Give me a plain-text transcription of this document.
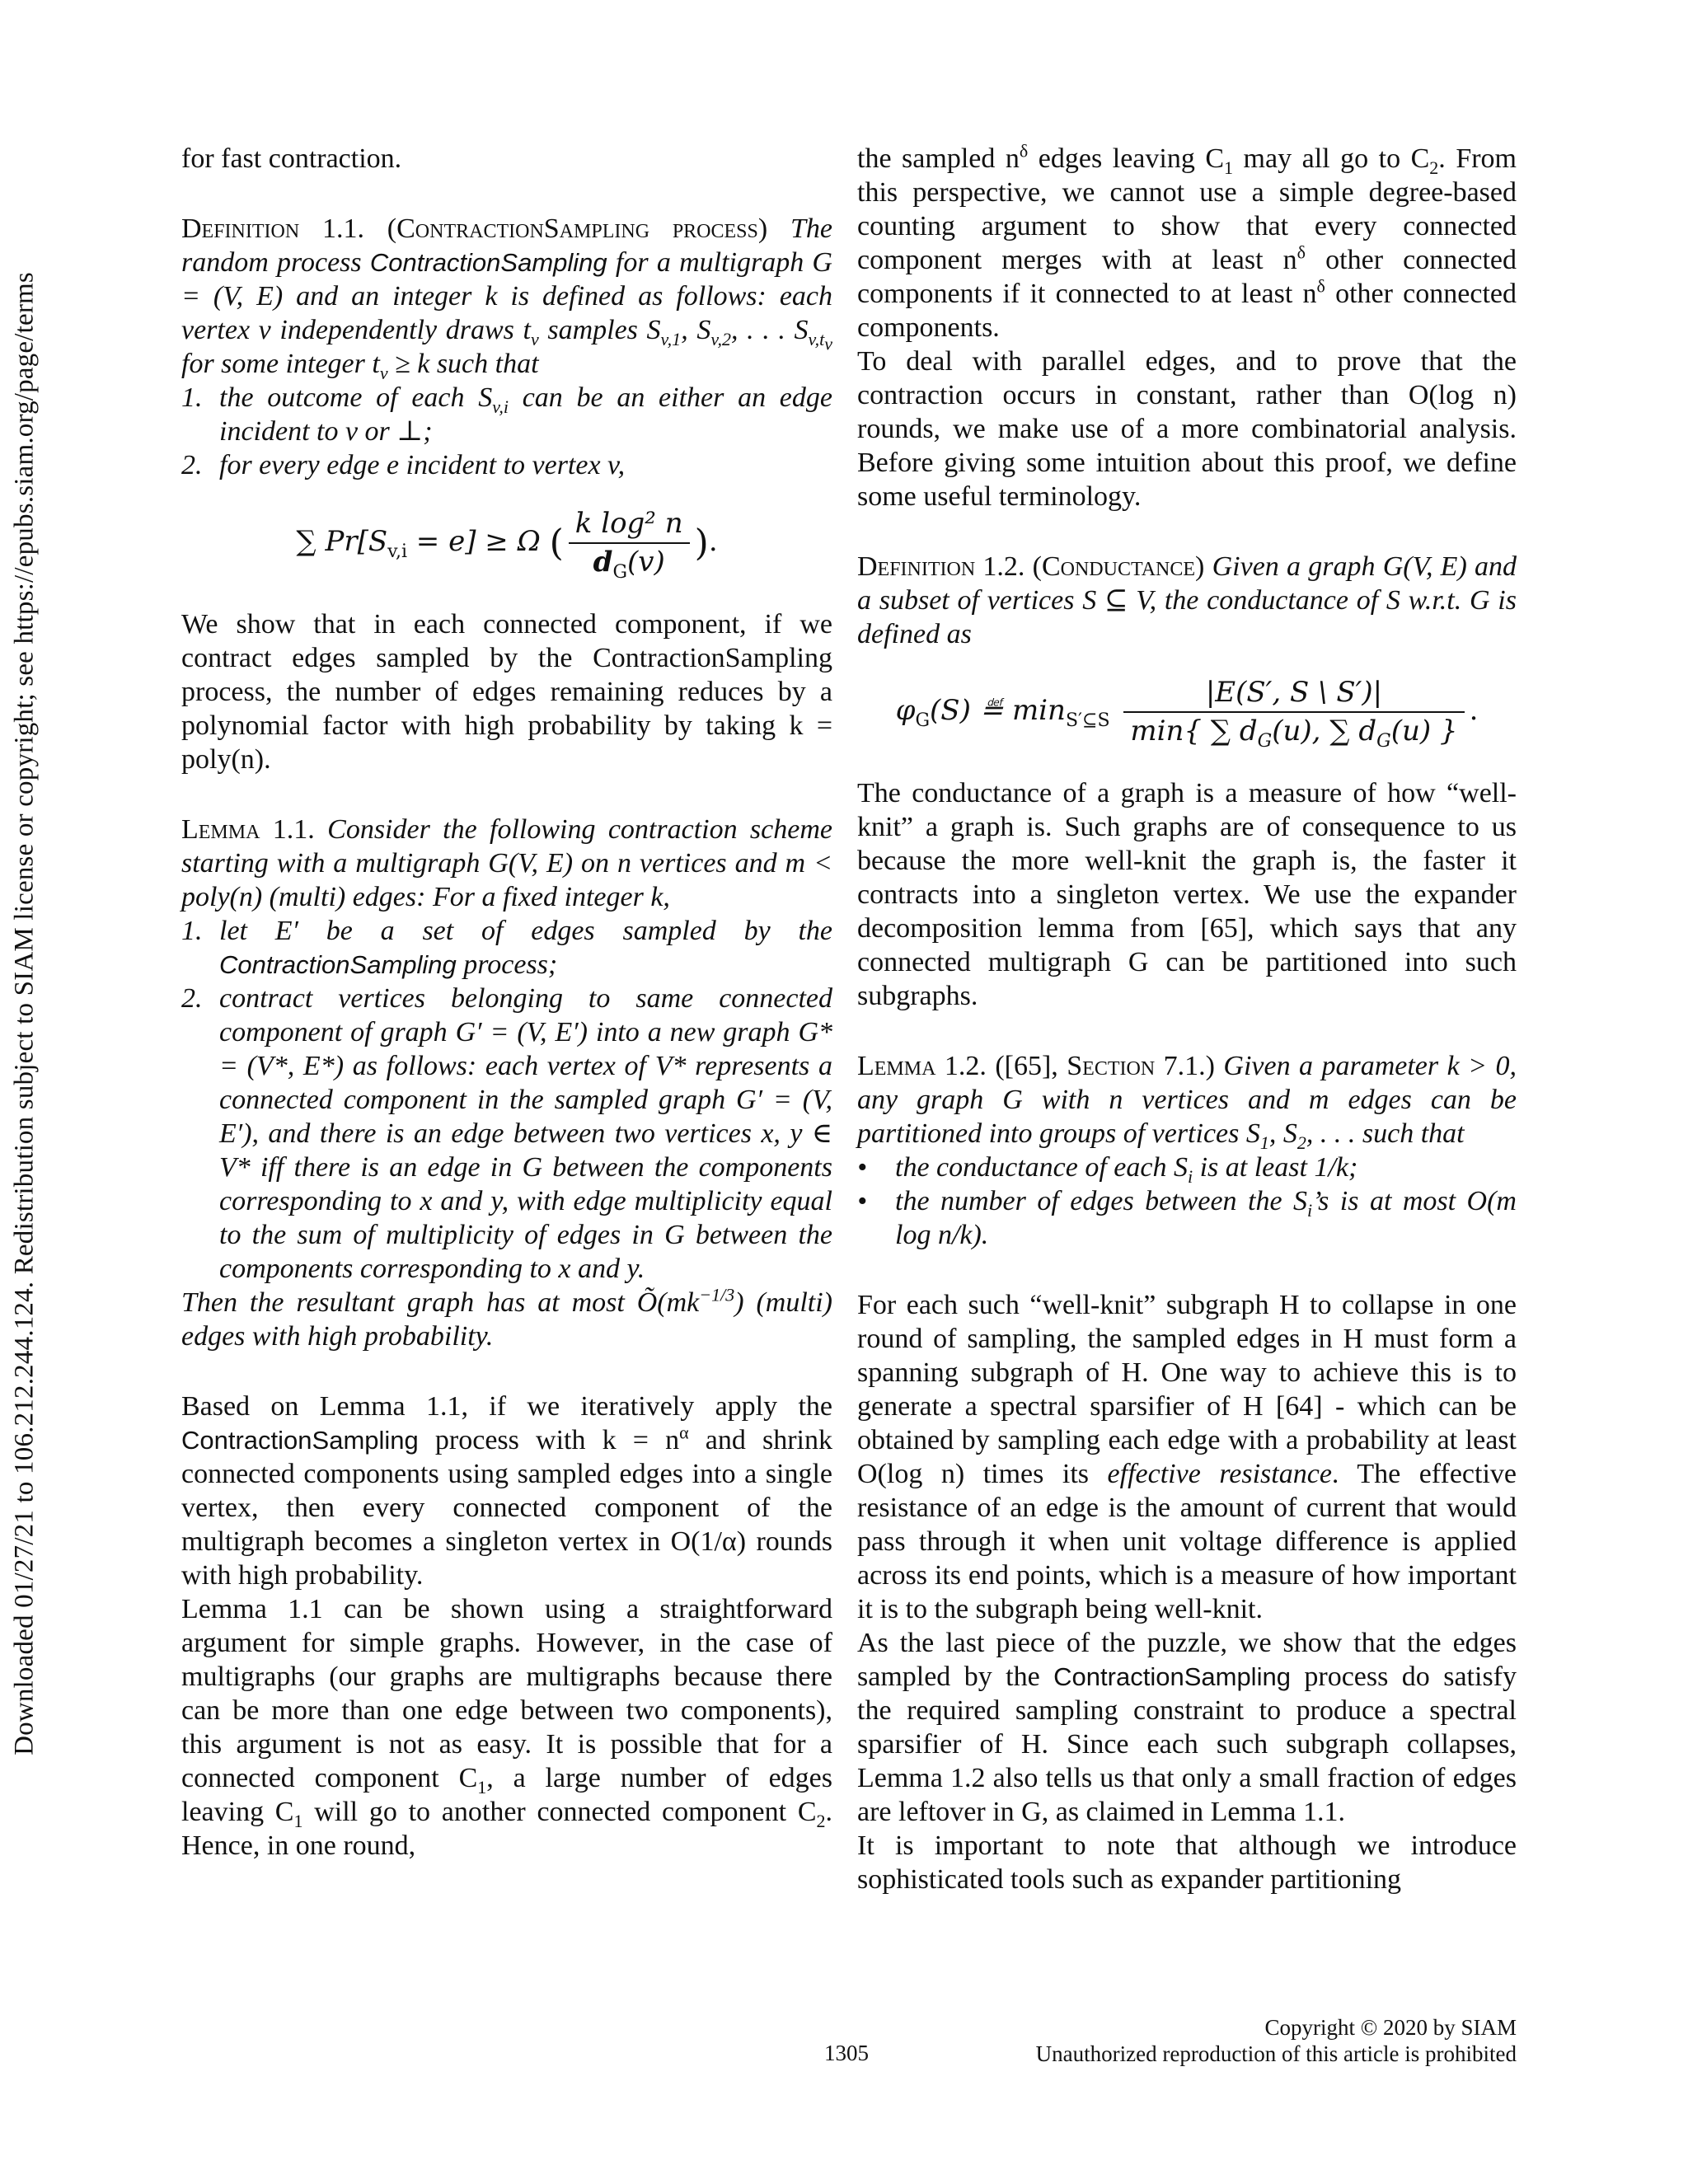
Downloaded 01/27/21 to 106.212.244.124. Redistribution subject to SIAM license or copyright; see https://epubs.siam.org/page/terms

for fast contraction.

Definition 1.1. (ContractionSampling process) The random process ContractionSampling for a multigraph G = (V, E) and an integer k is defined as follows: each vertex v independently draws $t_v$ samples $S_{v,1}$, $S_{v,2}$, . . . $S_{v,t_v}$ for some integer $t_v \ge k$ such that

1. the outcome of each $S_{v,i}$ can be an either an edge incident to v or ⊥;
2. for every edge e incident to vertex v,
∑ $Pr[S_{v,i} = e] \ge \Omega$ ( $\frac{\text{k log² n}}{d_G(v)}$ ).

We show that in each connected component, if we contract edges sampled by the ContractionSampling process, the number of edges remaining reduces by a polynomial factor with high probability by taking k = poly(n).

Lemma 1.1. Consider the following contraction scheme starting with a multigraph G(V, E) on n vertices and m < poly(n) (multi) edges: For a fixed integer k,

1. let E′ be a set of edges sampled by the ContractionSampling process;
2. contract vertices belonging to same connected component of graph G′ = (V, E′) into a new graph G* = (V*, E*) as follows: each vertex of V* represents a connected component in the sampled graph G′ = (V, E′), and there is an edge between two vertices x, y ∈ V* iff there is an edge in G between the components corresponding to x and y, with edge multiplicity equal to the sum of multiplicity of edges in G between the components corresponding to x and y.

Then the resultant graph has at most $Õ(mk^{-1/3})$ (multi) edges with high probability.

Based on Lemma 1.1, if we iteratively apply the ContractionSampling process with $k = n^\alpha$ and shrink connected components using sampled edges into a single vertex, then every connected component of the multigraph becomes a singleton vertex in O(1/α) rounds with high probability.

Lemma 1.1 can be shown using a straightforward argument for simple graphs. However, in the case of multigraphs (our graphs are multigraphs because there can be more than one edge between two components), this argument is not as easy. It is possible that for a connected component $C_1$, a large number of edges leaving $C_1$ will go to another connected component $C_2$. Hence, in one round,

the sampled $n^\delta$ edges leaving $C_1$ may all go to $C_2$. From this perspective, we cannot use a simple degree-based counting argument to show that every connected component merges with at least $n^\delta$ other connected components if it connected to at least $n^\delta$ other connected components.

To deal with parallel edges, and to prove that the contraction occurs in constant, rather than O(log n) rounds, we make use of a more combinatorial analysis. Before giving some intuition about this proof, we define some useful terminology.

Definition 1.2. (Conductance) Given a graph G(V, E) and a subset of vertices S ⊆ V, the conductance of S w.r.t. G is defined as

$\varphi_G(S)$ ≝ $\min_{S'⊆S} \frac{|E(S', S \backslash S')|}{\min\{ \sum d_G(u), \sum d_G(u) \}}$ .

The conductance of a graph is a measure of how “well-knit” a graph is. Such graphs are of consequence to us because the more well-knit the graph is, the faster it contracts into a singleton vertex. We use the expander decomposition lemma from [65], which says that any connected multigraph G can be partitioned into such subgraphs.

Lemma 1.2. ([65], Section 7.1.) Given a parameter k > 0, any graph G with n vertices and m edges can be partitioned into groups of vertices $S_1$, $S_2$, . . . such that

• the conductance of each $S_i$ is at least 1/k;
• the number of edges between the $S_i’s$ is at most O(m log n/k).

For each such “well-knit” subgraph H to collapse in one round of sampling, the sampled edges in H must form a spanning subgraph of H. One way to achieve this is to generate a spectral sparsifier of H [64] - which can be obtained by sampling each edge with a probability at least O(log n) times its effective resistance. The effective resistance of an edge is the amount of current that would pass through it when unit voltage difference is applied across its end points, which is a measure of how important it is to the subgraph being well-knit.

As the last piece of the puzzle, we show that the edges sampled by the ContractionSampling process do satisfy the required sampling constraint to produce a spectral sparsifier of H. Since each such subgraph collapses, Lemma 1.2 also tells us that only a small fraction of edges are leftover in G, as claimed in Lemma 1.1.

It is important to note that although we introduce sophisticated tools such as expander partitioning

1305
Copyright © 2020 by SIAM
Unauthorized reproduction of this article is prohibited
